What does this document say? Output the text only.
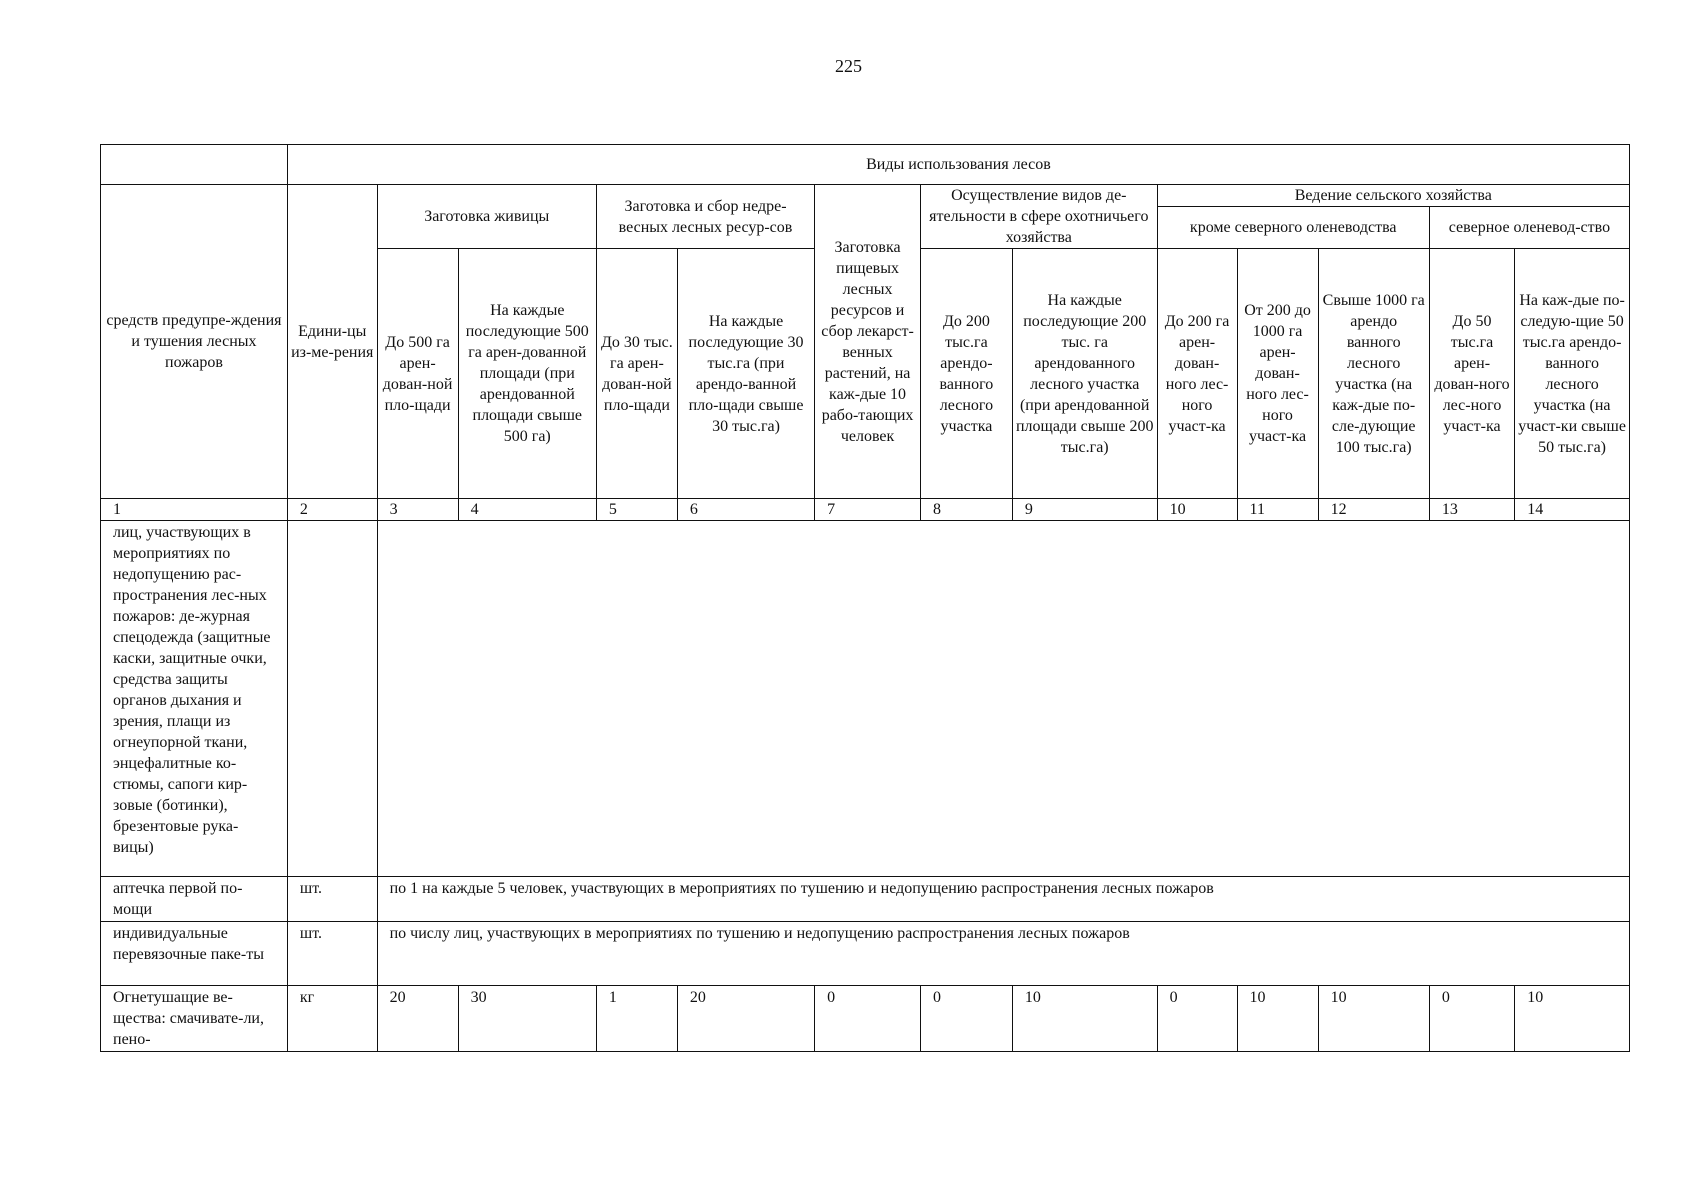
225
	Виды использования лесов												
средств предупре-ждения и тушения лесных пожаров	Едини-цы из-ме-рения	Заготовка живицы		Заготовка и сбор недре-весных лесных ресур-сов		Заготовка пищевых лесных ресурсов и сбор лекарст-венных растений, на каж-дые 10 рабо-тающих человек	Осуществление видов де-ятельности в сфере охотничьего хозяйства		Ведение сельского хозяйства				
									кроме северного оленеводства			северное оленевод-ство	
		До 500 га арен-дован-ной пло-щади	На каждые последующие 500 га арен-дованной площади (при арендованной площади свыше 500 га)	До 30 тыс. га арен-дован-ной пло-щади	На каждые последующие 30 тыс.га (при арендо-ванной пло-щади свыше 30 тыс.га)		До 200 тыс.га арендо-ванного лесного участка	На каждые последующие 200 тыс. га арендованного лесного участка (при арендованной площади свыше 200 тыс.га)	До 200 га арен-дован-ного лес-ного участ-ка	От 200 до 1000 га арен-дован-ного лес-ного участ-ка	Свыше 1000 га арендо ванного лесного участка (на каж-дые по-сле-дующие 100 тыс.га)	До 50 тыс.га арен-дован-ного лес-ного участ-ка	На каж-дые по-следую-щие 50 тыс.га арендо-ванного лесного участка (на участ-ки свыше 50 тыс.га)

1	2	3	4	5	6	7	8	9	10	11	12	13	14
лиц, участвующих в мероприятиях по недопущению рас-пространения лес-ных пожаров: де-журная спецодежда (защитные каски, защитные очки, средства защиты органов дыхания и зрения, плащи из огнеупорной ткани, энцефалитные ко-стюмы, сапоги кир-зовые (ботинки), брезентовые рука-вицы)													
аптечка первой по-мощи	шт.	по 1 на каждые 5 человек, участвующих в мероприятиях по тушению и недопущению распространения лесных пожаров											
индивидуальные перевязочные паке-ты	шт.	по числу лиц, участвующих в мероприятиях по тушению и недопущению распространения лесных пожаров											
Огнетушащие ве-щества: смачивате-ли, пено-	кг	20	30	1	20	0	0	10	0	10	10	0	10
